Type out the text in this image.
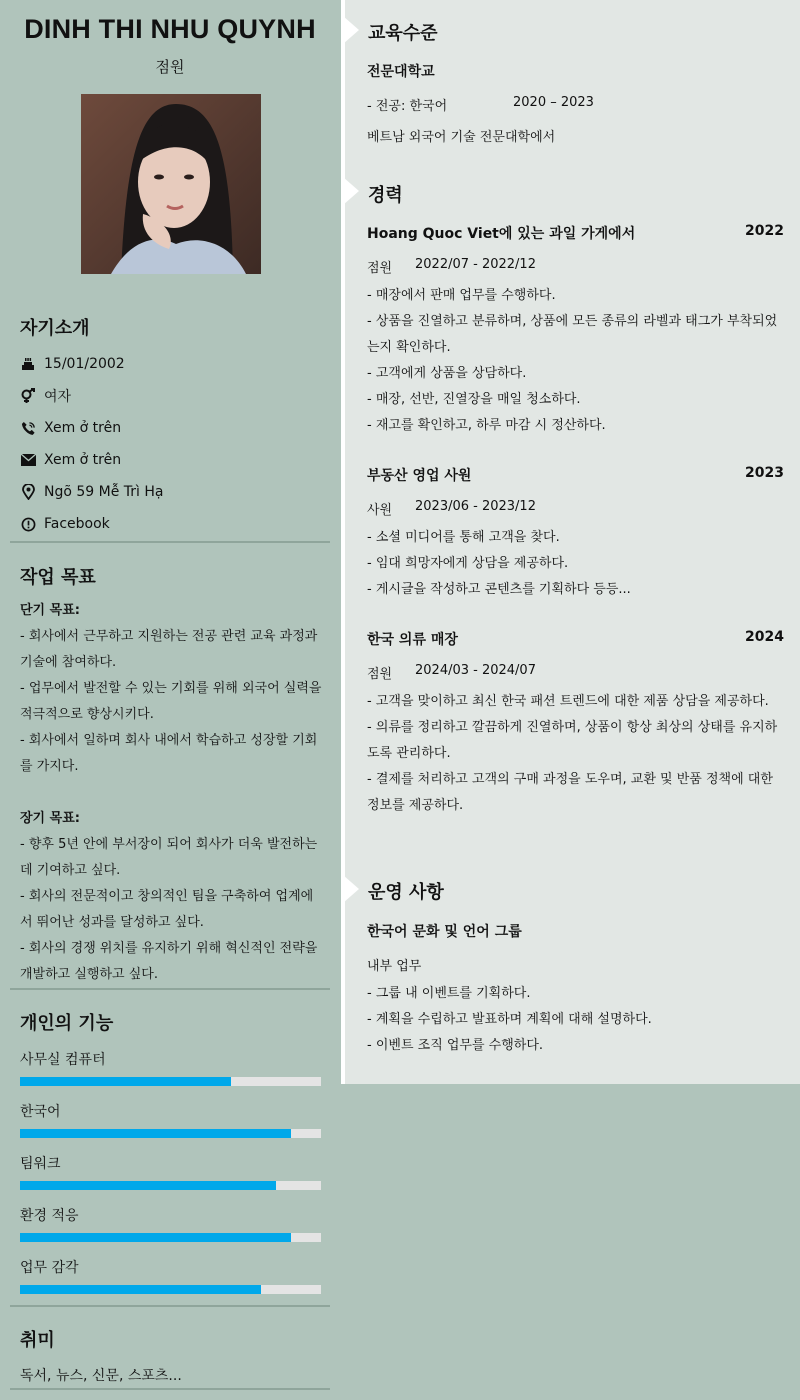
DINH THI NHU QUYNH
점원
자기소개
15/01/2002
여자
Xem ở trên
Xem ở trên
Ngõ 59 Mễ Trì Hạ
Facebook
작업 목표
단기 목표:
- 회사에서 근무하고 지원하는 전공 관련 교육 과정과 기술에 참여하다.
- 업무에서 발전할 수 있는 기회를 위해 외국어 실력을 적극적으로 향상시키다.
- 회사에서 일하며 회사 내에서 학습하고 성장할 기회를 가지다.
장기 목표:
- 향후 5년 안에 부서장이 되어 회사가 더욱 발전하는 데 기여하고 싶다.
- 회사의 전문적이고 창의적인 팀을 구축하여 업계에서 뛰어난 성과를 달성하고 싶다.
- 회사의 경쟁 위치를 유지하기 위해 혁신적인 전략을 개발하고 실행하고 싶다.
개인의 기능
사무실 컴퓨터
한국어
팀워크
환경 적응
업무 감각
취미
독서, 뉴스, 신문, 스포츠...
교육수준
전문대학교
- 전공: 한국어	2020 – 2023
베트남 외국어 기술 전문대학에서
경력
Hoang Quoc Viet에 있는 과일 가게에서	2022
점원 2022/07 - 2022/12
- 매장에서 판매 업무를 수행하다.
- 상품을 진열하고 분류하며, 상품에 모든 종류의 라벨과 태그가 부착되었는지 확인하다.
- 고객에게 상품을 상담하다.
- 매장, 선반, 진열장을 매일 청소하다.
- 재고를 확인하고, 하루 마감 시 정산하다.
부동산 영업 사원	2023
사원 2023/06 - 2023/12
- 소셜 미디어를 통해 고객을 찾다.
- 임대 희망자에게 상담을 제공하다.
- 게시글을 작성하고 콘텐츠를 기획하다 등등...
한국 의류 매장	2024
점원 2024/03 - 2024/07
- 고객을 맞이하고 최신 한국 패션 트렌드에 대한 제품 상담을 제공하다.
- 의류를 정리하고 깔끔하게 진열하며, 상품이 항상 최상의 상태를 유지하도록 관리하다.
- 결제를 처리하고 고객의 구매 과정을 도우며, 교환 및 반품 정책에 대한 정보를 제공하다.
운영 사항
한국어 문화 및 언어 그룹
내부 업무
- 그룹 내 이벤트를 기획하다.
- 계획을 수립하고 발표하며 계획에 대해 설명하다.
- 이벤트 조직 업무를 수행하다.
